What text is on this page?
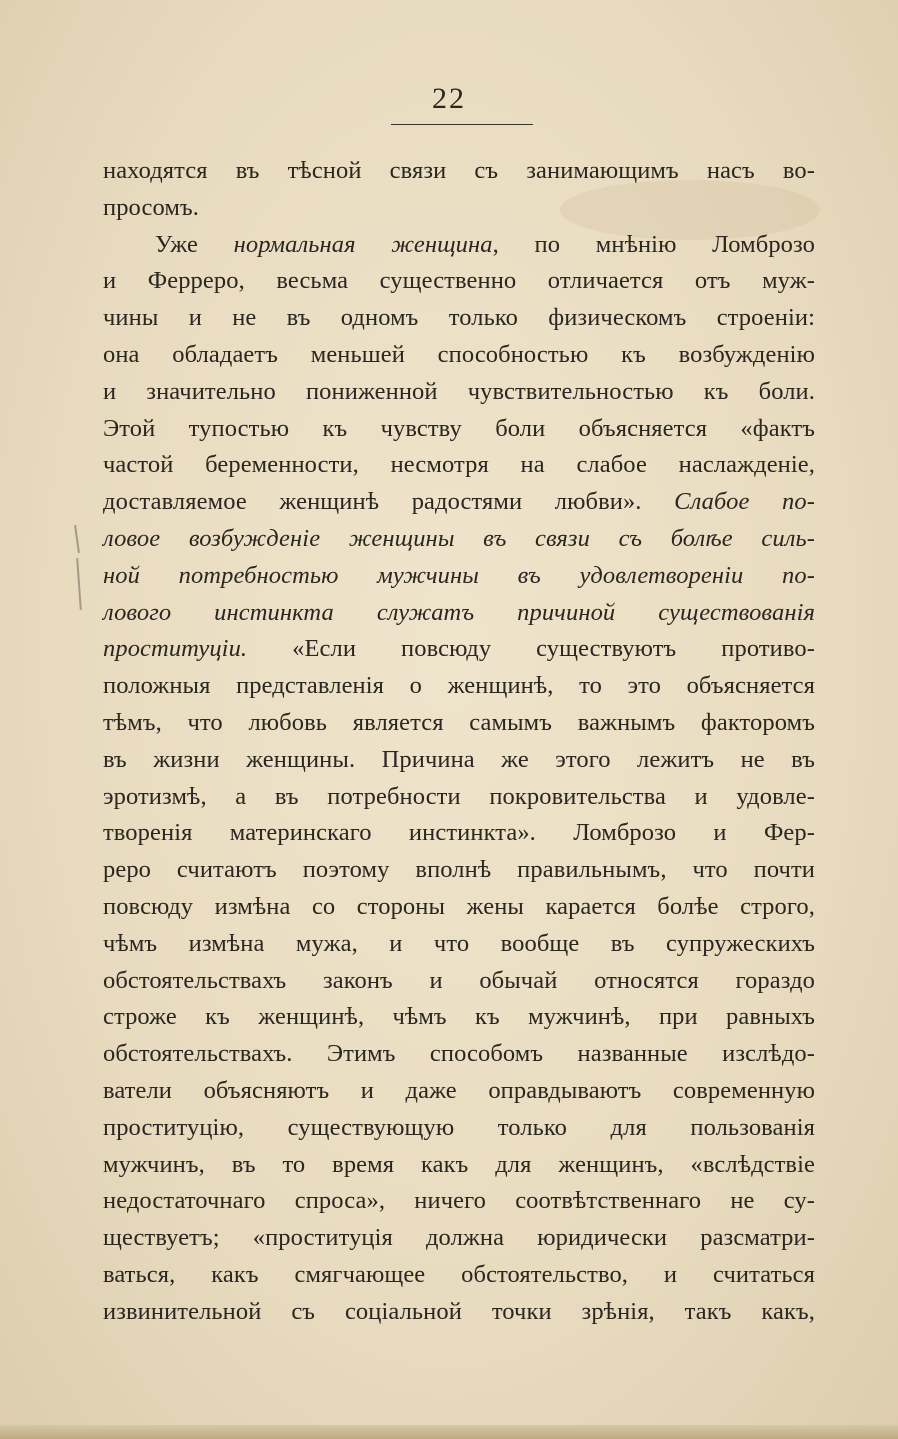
22
находятся въ тѣсной связи съ занимающимъ насъ во-
просомъ.
Уже нормальная женщина, по мнѣнію Ломброзо
и Ферреро, весьма существенно отличается отъ муж-
чины и не въ одномъ только физическомъ строеніи:
она обладаетъ меньшей способностью къ возбужденію
и значительно пониженной чувствительностью къ боли.
Этой тупостью къ чувству боли объясняется «фактъ
частой беременности, несмотря на слабое наслажденіе,
доставляемое женщинѣ радостями любви». Слабое по-
ловое возбужденіе женщины въ связи съ болѣе силь-
ной потребностью мужчины въ удовлетвореніи по-
лового инстинкта служатъ причиной существованія
проституціи. «Если повсюду существуютъ противо-
положныя представленія о женщинѣ, то это объясняется
тѣмъ, что любовь является самымъ важнымъ факторомъ
въ жизни женщины. Причина же этого лежитъ не въ
эротизмѣ, а въ потребности покровительства и удовле-
творенія материнскаго инстинкта». Ломброзо и Фер-
реро считаютъ поэтому вполнѣ правильнымъ, что почти
повсюду измѣна со стороны жены карается болѣе строго,
чѣмъ измѣна мужа, и что вообще въ супружескихъ
обстоятельствахъ законъ и обычай относятся гораздо
строже къ женщинѣ, чѣмъ къ мужчинѣ, при равныхъ
обстоятельствахъ. Этимъ способомъ названные изслѣдо-
ватели объясняютъ и даже оправдываютъ современную
проституцію, существующую только для пользованія
мужчинъ, въ то время какъ для женщинъ, «вслѣдствіе
недостаточнаго спроса», ничего соотвѣтственнаго не су-
ществуетъ; «проституція должна юридически разсматри-
ваться, какъ смягчающее обстоятельство, и считаться
извинительной съ соціальной точки зрѣнія, такъ какъ,
